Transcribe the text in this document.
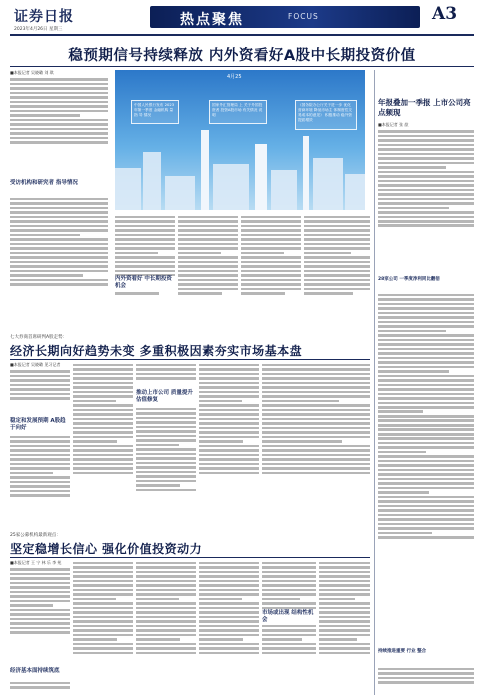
证券日报
2023年4月26日 星期三
热点聚焦	FOCUS	A3
稳预期信号持续释放 内外资看好A股中长期投资价值
■本报记者 吴晓璐 刘 琪
受访机构和研究者 指导情况
4月25
中国人民银行发布 2023年第一季度 金融机构 量 指 导 情况
国家外汇管理局 上 关于外国投资者 投资A股市场 有关情况 说明
《国务院办公厅关于进一步 优化营商环境 降低市场主 体制度性交易成本的意见》 积极推动 稳外资 提质增效
内外资看好 中长期投资机会
年报叠加一季报 上市公司亮点频现
■本报记者 张 歆
28家公司 一季度净利同比翻倍
持续推进重要 行业 整合
七大券商首席研判A股走势：
经济长期向好趋势未变 多重积极因素夯实市场基本盘
■本报记者 吴晓璐 见习记者
稳定和发展预期 A股趋于向好
推动上市公司 质量提升 估值修复
25家公募机构最新观点：
坚定稳增长信心 强化价值投资动力
■本报记者 王 宁 林 乐 李 苑
经济基本面持续筑底
市场或出现 结构性机会
